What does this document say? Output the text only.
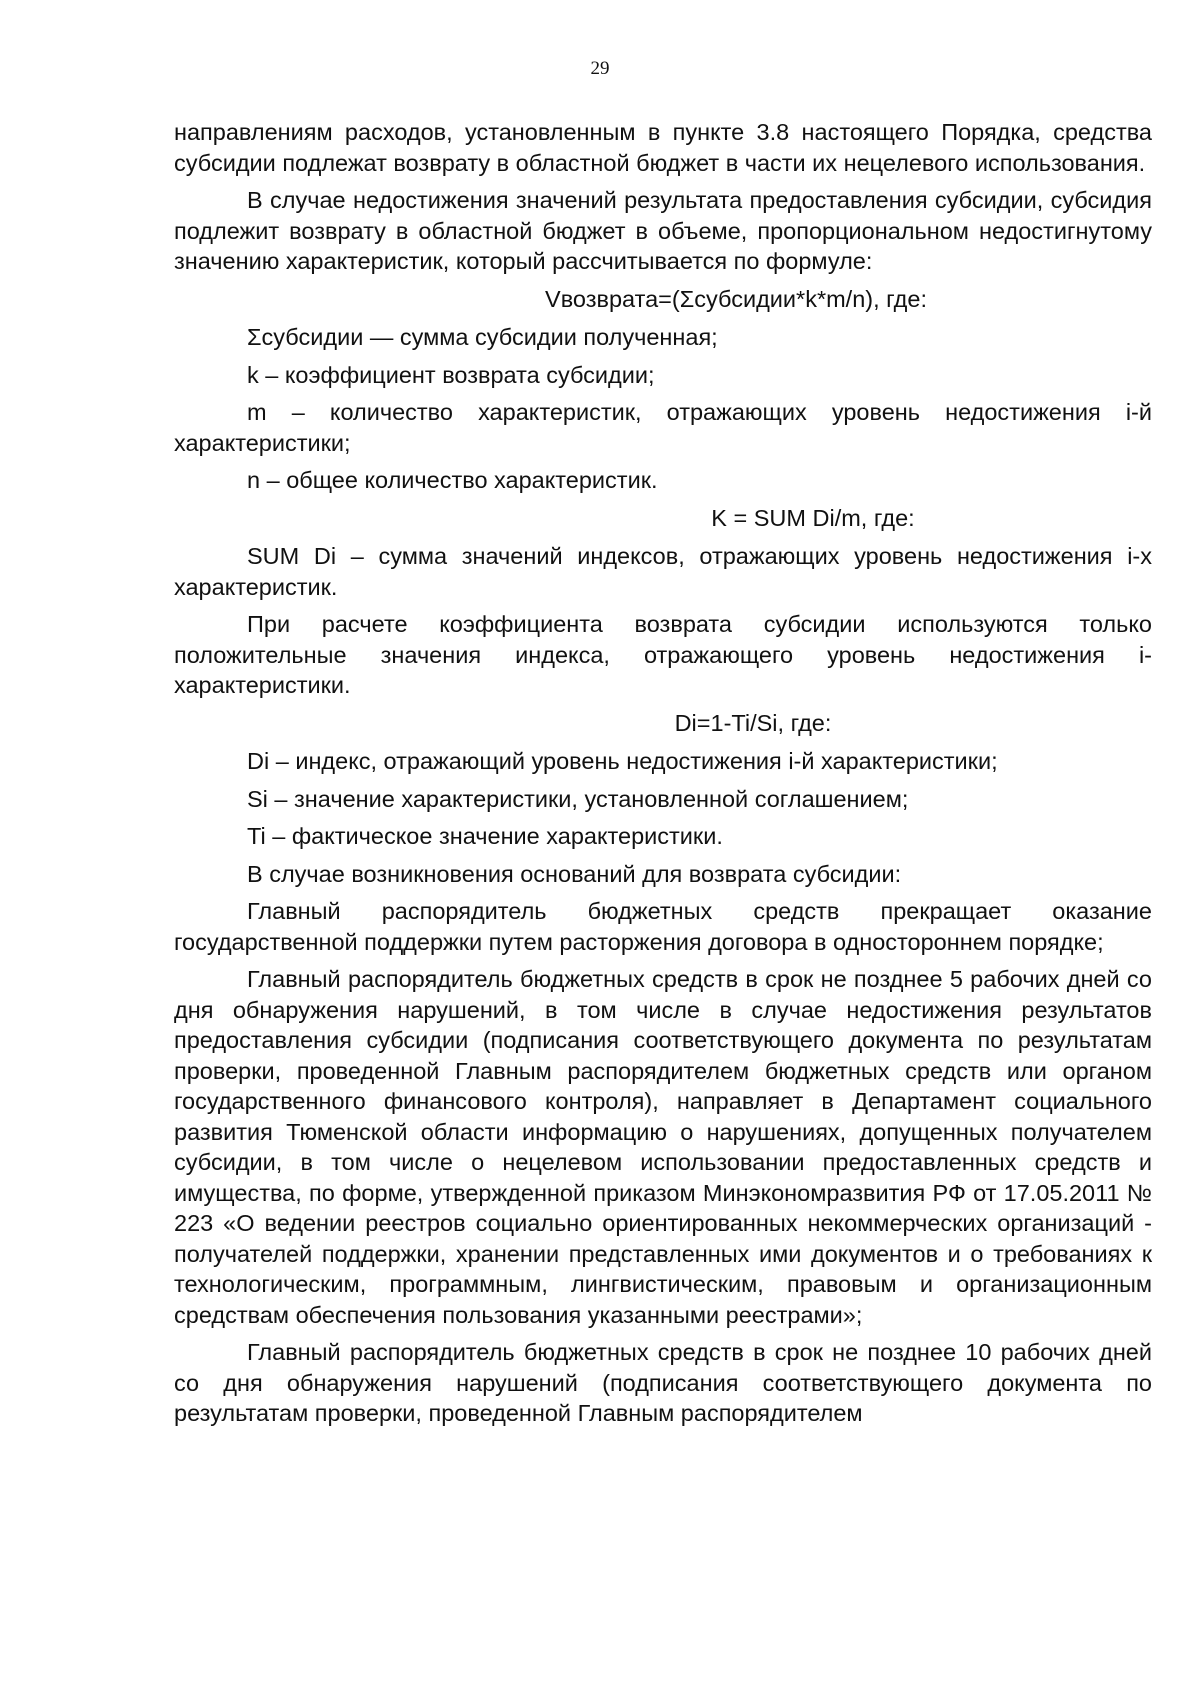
29

направлениям расходов, установленным в пункте 3.8 настоящего Порядка, средства субсидии подлежат возврату в областной бюджет в части их нецелевого использования.

В случае недостижения значений результата предоставления субсидии, субсидия подлежит возврату в областной бюджет в объеме, пропорциональном недостигнутому значению характеристик, который рассчитывается по формуле:

Vвозврата=(Σсубсидии*k*m/n), где:

Σсубсидии — сумма субсидии полученная;

k – коэффициент возврата субсидии;

m – количество характеристик, отражающих уровень недостижения i-й характеристики;

n – общее количество характеристик.

K = SUM Di/m, где:

SUM Di – сумма значений индексов, отражающих уровень недостижения i-х характеристик.

При расчете коэффициента возврата субсидии используются только положительные значения индекса, отражающего уровень недостижения i-характеристики.

Di=1-Ti/Si, где:

Di – индекс, отражающий уровень недостижения i-й характеристики;

Si – значение характеристики, установленной соглашением;

Ti – фактическое значение характеристики.

В случае возникновения оснований для возврата субсидии:

Главный распорядитель бюджетных средств прекращает оказание государственной поддержки путем расторжения договора в одностороннем порядке;

Главный распорядитель бюджетных средств в срок не позднее 5 рабочих дней со дня обнаружения нарушений, в том числе в случае недостижения результатов предоставления субсидии (подписания соответствующего документа по результатам проверки, проведенной Главным распорядителем бюджетных средств или органом государственного финансового контроля), направляет в Департамент социального развития Тюменской области информацию о нарушениях, допущенных получателем субсидии, в том числе о нецелевом использовании предоставленных средств и имущества, по форме, утвержденной приказом Минэкономразвития РФ от 17.05.2011 № 223 «О ведении реестров социально ориентированных некоммерческих организаций - получателей поддержки, хранении представленных ими документов и о требованиях к технологическим, программным, лингвистическим, правовым и организационным средствам обеспечения пользования указанными реестрами»;

Главный распорядитель бюджетных средств в срок не позднее 10 рабочих дней со дня обнаружения нарушений (подписания соответствующего документа по результатам проверки, проведенной Главным распорядителем
